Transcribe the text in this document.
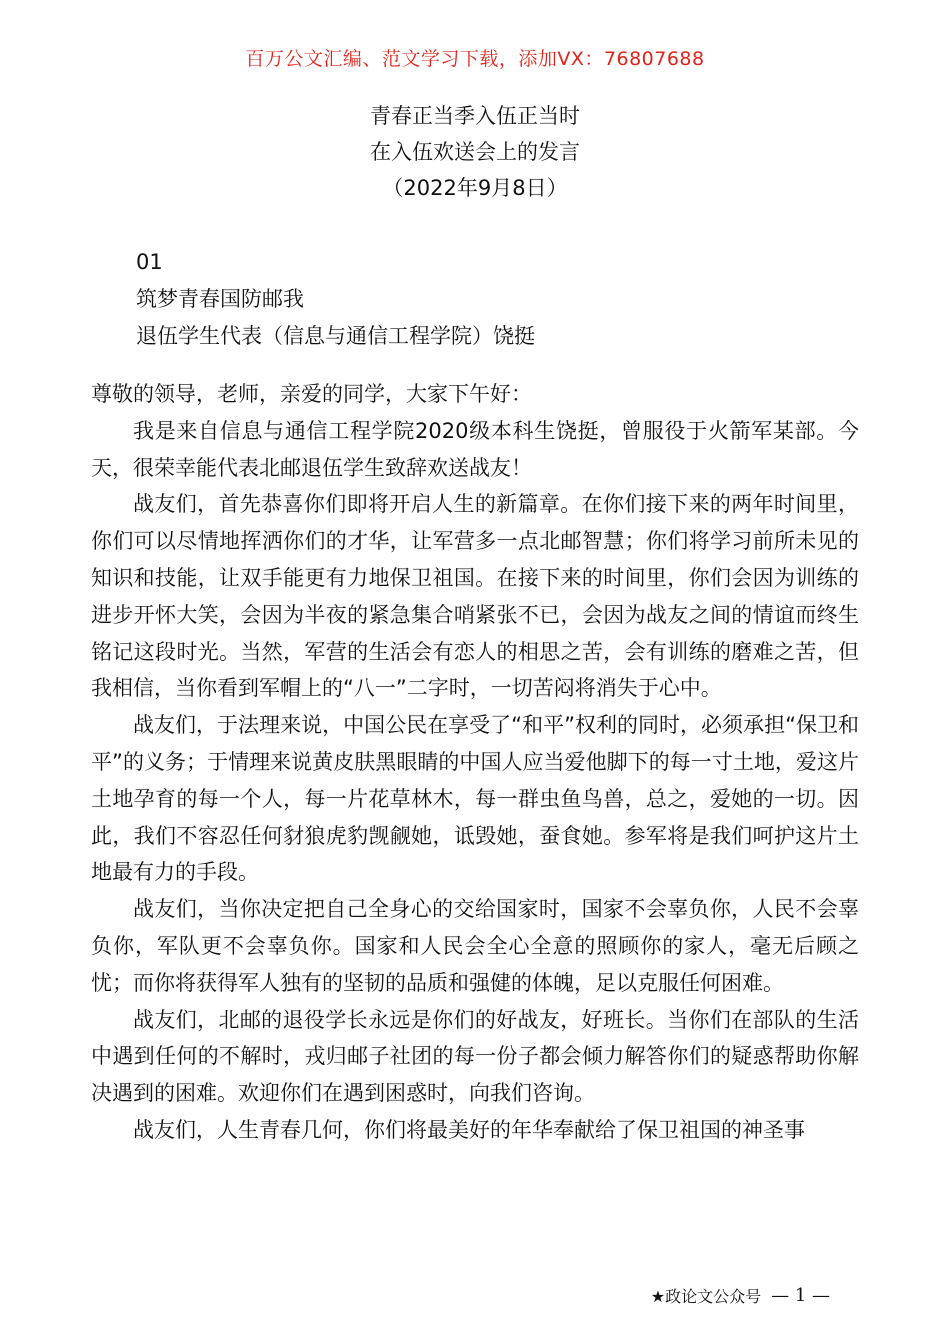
百万公文汇编、范文学习下载，添加VX：76807688
青春正当季入伍正当时
在入伍欢送会上的发言
（2022年9月8日）
01
筑梦青春国防邮我
退伍学生代表（信息与通信工程学院）饶挺

尊敬的领导，老师，亲爱的同学，大家下午好：

我是来自信息与通信工程学院2020级本科生饶挺，曾服役于火箭军某部。今天，很荣幸能代表北邮退伍学生致辞欢送战友！

战友们，首先恭喜你们即将开启人生的新篇章。在你们接下来的两年时间里，你们可以尽情地挥洒你们的才华，让军营多一点北邮智慧；你们将学习前所未见的知识和技能，让双手能更有力地保卫祖国。在接下来的时间里，你们会因为训练的进步开怀大笑，会因为半夜的紧急集合哨紧张不已，会因为战友之间的情谊而终生铭记这段时光。当然，军营的生活会有恋人的相思之苦，会有训练的磨难之苦，但我相信，当你看到军帽上的“八一”二字时，一切苦闷将消失于心中。

战友们，于法理来说，中国公民在享受了“和平”权利的同时，必须承担“保卫和平”的义务；于情理来说黄皮肤黑眼睛的中国人应当爱他脚下的每一寸土地，爱这片土地孕育的每一个人，每一片花草林木，每一群虫鱼鸟兽，总之，爱她的一切。因此，我们不容忍任何豺狼虎豹觊觎她，诋毁她，蚕食她。参军将是我们呵护这片土地最有力的手段。

战友们，当你决定把自己全身心的交给国家时，国家不会辜负你，人民不会辜负你，军队更不会辜负你。国家和人民会全心全意的照顾你的家人，毫无后顾之忧；而你将获得军人独有的坚韧的品质和强健的体魄，足以克服任何困难。

战友们，北邮的退役学长永远是你们的好战友，好班长。当你们在部队的生活中遇到任何的不解时，戎归邮子社团的每一份子都会倾力解答你们的疑惑帮助你解决遇到的困难。欢迎你们在遇到困惑时，向我们咨询。

战友们，人生青春几何，你们将最美好的年华奉献给了保卫祖国的神圣事

★政论文公众号 — 1 —
